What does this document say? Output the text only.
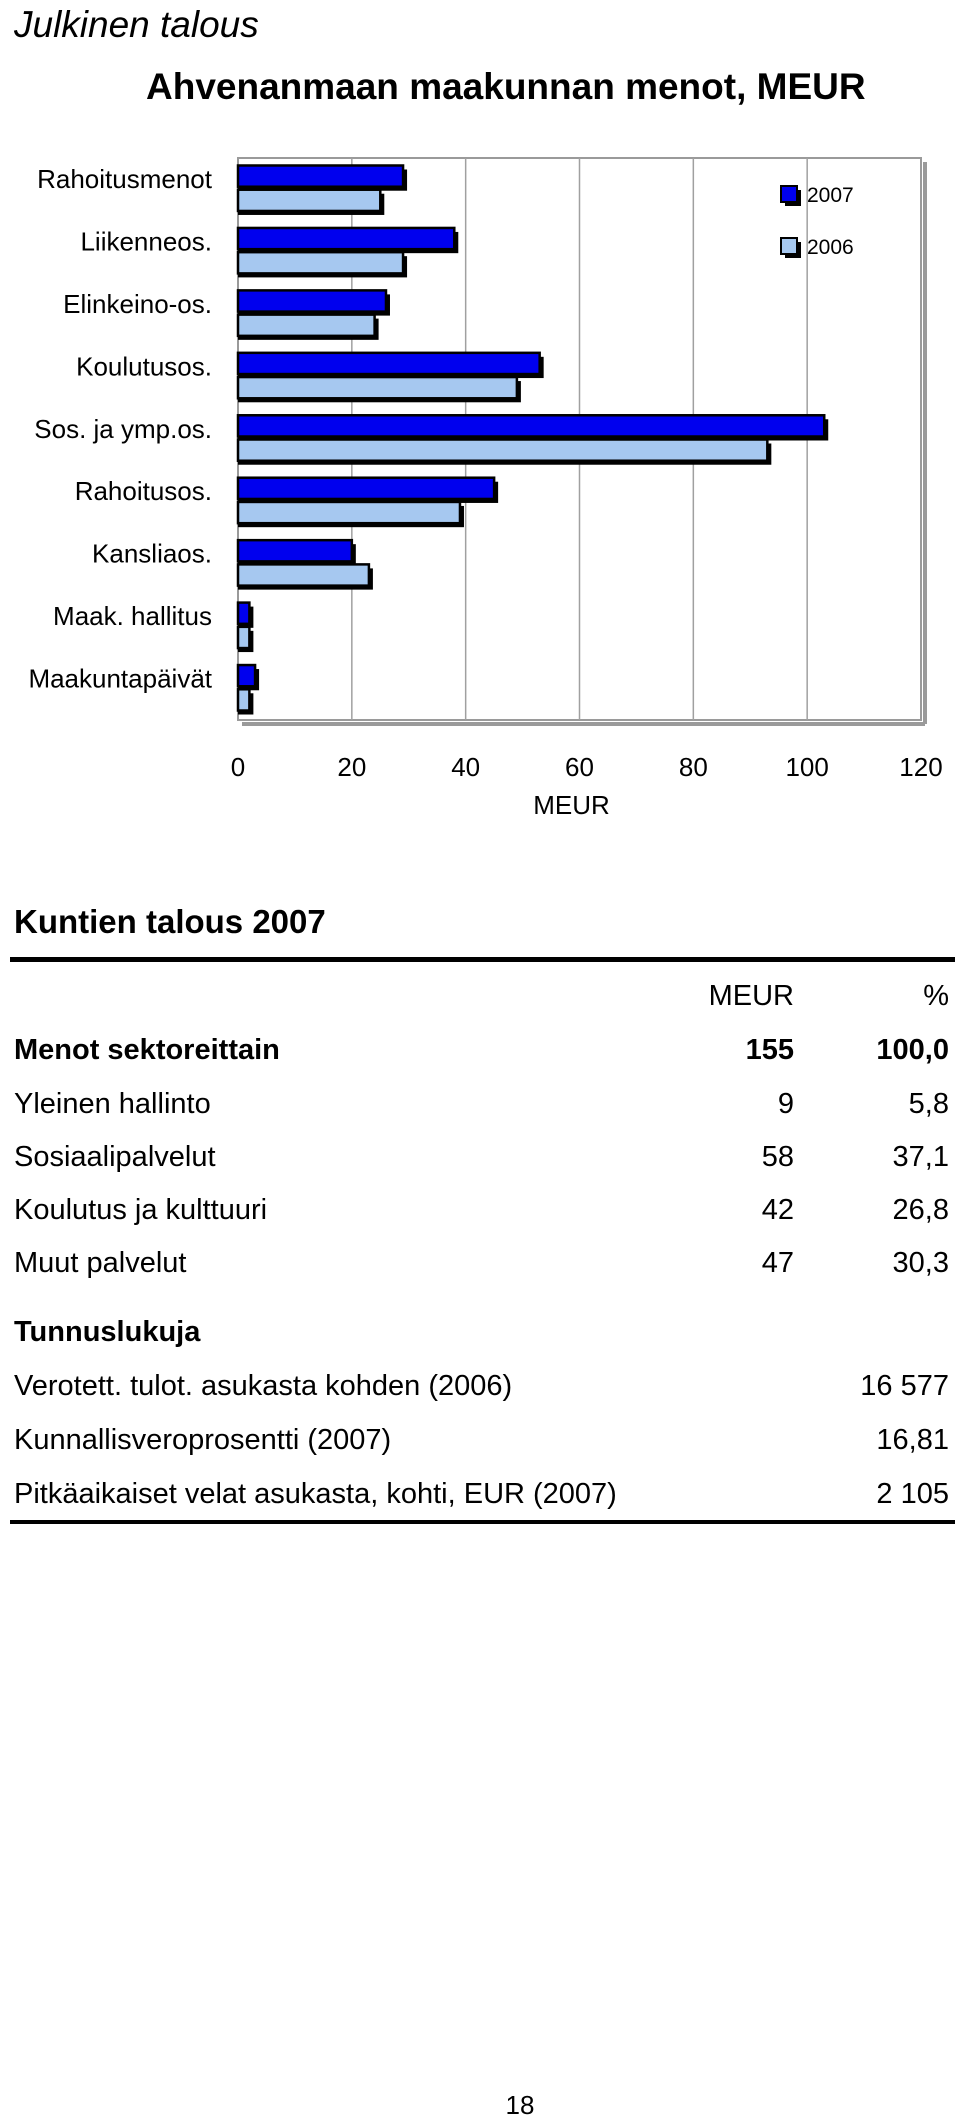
Julkinen talous
Ahvenanmaan maakunnan menot, MEUR
0	20	40	60	80	100	120
MEUR
Rahoitusmenot
Liikenneos.
Elinkeino-os.
Koulutusos.
Sos. ja ymp.os.
Rahoitusos.
Kansliaos.
Maak. hallitus
Maakuntapäivät
2007
2006
Kuntien talous 2007
MEUR	%
Menot sektoreittain	155	100,0
Yleinen hallinto	9	5,8
Sosiaalipalvelut	58	37,1
Koulutus ja kulttuuri	42	26,8
Muut palvelut	47	30,3
Tunnuslukuja
Verotett. tulot. asukasta kohden (2006)	16 577
Kunnallisveroprosentti (2007)	16,81
Pitkäaikaiset velat asukasta, kohti, EUR (2007)	2 105
18
